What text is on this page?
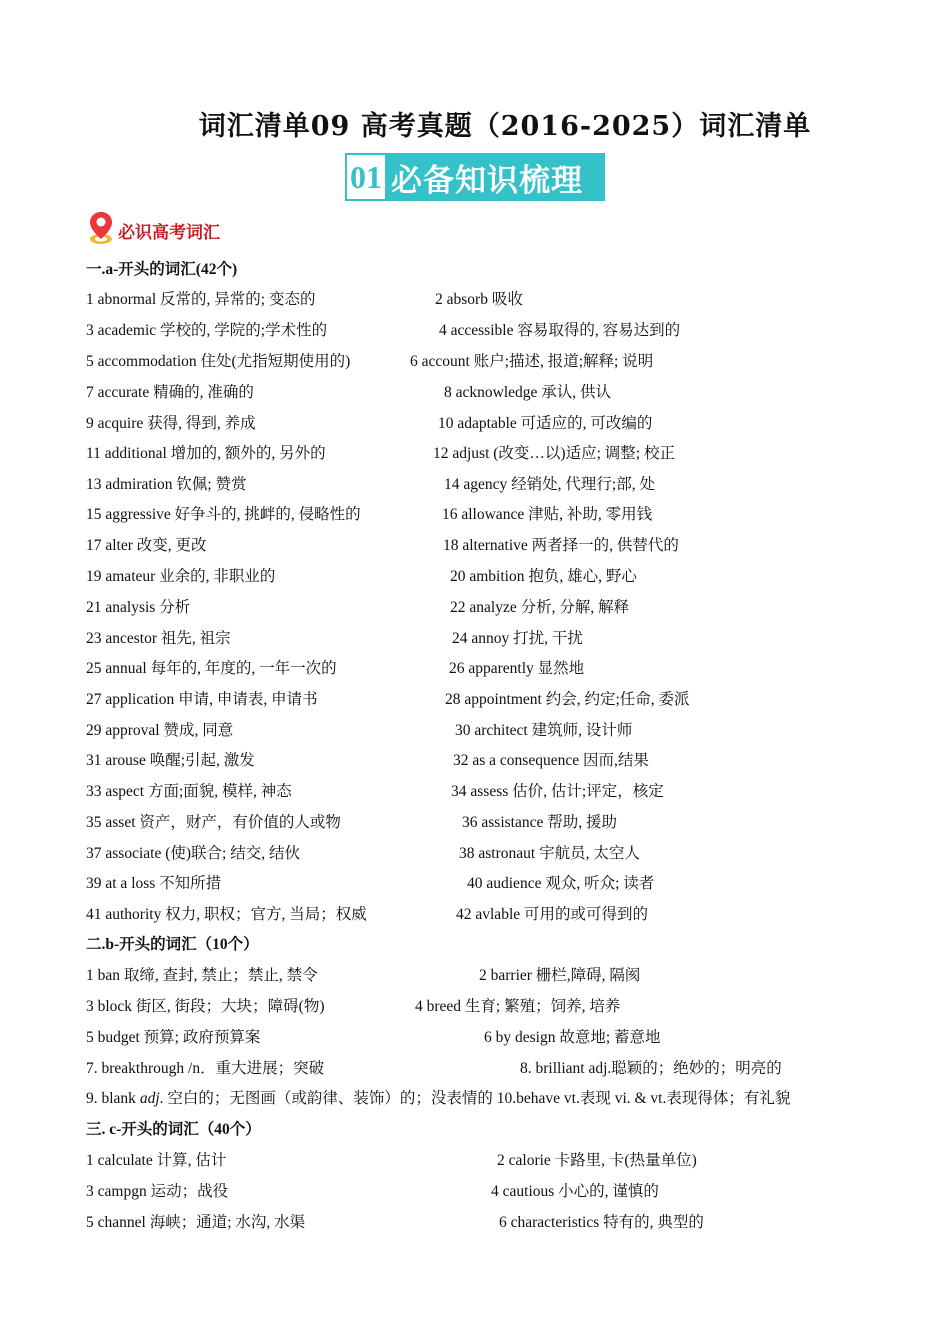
词汇清单09 高考真题（2016-2025）词汇清单
01 必备知识梳理
必识高考词汇
一.a-开头的词汇(42个)
1 abnormal 反常的, 异常的; 变态的	2 absorb 吸收
3 academic 学校的, 学院的;学术性的	4 accessible 容易取得的, 容易达到的
5 accommodation 住处(尤指短期使用的)	6 account 账户;描述, 报道;解释; 说明
7 accurate 精确的, 准确的	8 acknowledge 承认, 供认
9 acquire 获得, 得到, 养成	10 adaptable 可适应的, 可改编的
11 additional 增加的, 额外的, 另外的	12 adjust (改变…以)适应; 调整; 校正
13 admiration 钦佩; 赞赏	14 agency 经销处, 代理行;部, 处
15 aggressive 好争斗的, 挑衅的, 侵略性的	16 allowance 津贴, 补助, 零用钱
17 alter 改变, 更改	18 alternative 两者择一的, 供替代的
19 amateur 业余的, 非职业的	20 ambition 抱负, 雄心, 野心
21 analysis 分析	22 analyze 分析, 分解, 解释
23 ancestor 祖先, 祖宗	24 annoy 打扰, 干扰
25 annual 每年的, 年度的, 一年一次的	26 apparently 显然地
27 application 申请, 申请表, 申请书	28 appointment 约会, 约定;任命, 委派
29 approval 赞成, 同意	30 architect 建筑师, 设计师
31 arouse 唤醒;引起, 激发	32 as a consequence 因而,结果
33 aspect 方面;面貌, 模样, 神态	34 assess 估价, 估计;评定，核定
35 asset 资产，财产，有价值的人或物	36 assistance 帮助, 援助
37 associate (使)联合; 结交, 结伙	38 astronaut 宇航员, 太空人
39 at a loss 不知所措	40 audience 观众, 听众; 读者
41 authority 权力, 职权；官方, 当局；权威	42 avlable 可用的或可得到的
二.b-开头的词汇（10个）
1 ban 取缔, 查封, 禁止；禁止, 禁令	2 barrier 栅栏,障碍, 隔阂
3 block 街区, 街段；大块；障碍(物)	4 breed 生育; 繁殖；饲养, 培养
5 budget 预算; 政府预算案	6 by design 故意地; 蓄意地
7. breakthrough /n．重大进展；突破	8. brilliant adj.聪颖的；绝妙的；明亮的
9. blank adj. 空白的；无图画（或韵律、装饰）的；没表情的 10.behave vt.表现 vi. & vt.表现得体；有礼貌
三. c-开头的词汇（40个）
1 calculate 计算, 估计	2 calorie 卡路里, 卡(热量单位)
3 campgn 运动；战役	4 cautious 小心的, 谨慎的
5 channel 海峡；通道; 水沟, 水渠	6 characteristics 特有的, 典型的
